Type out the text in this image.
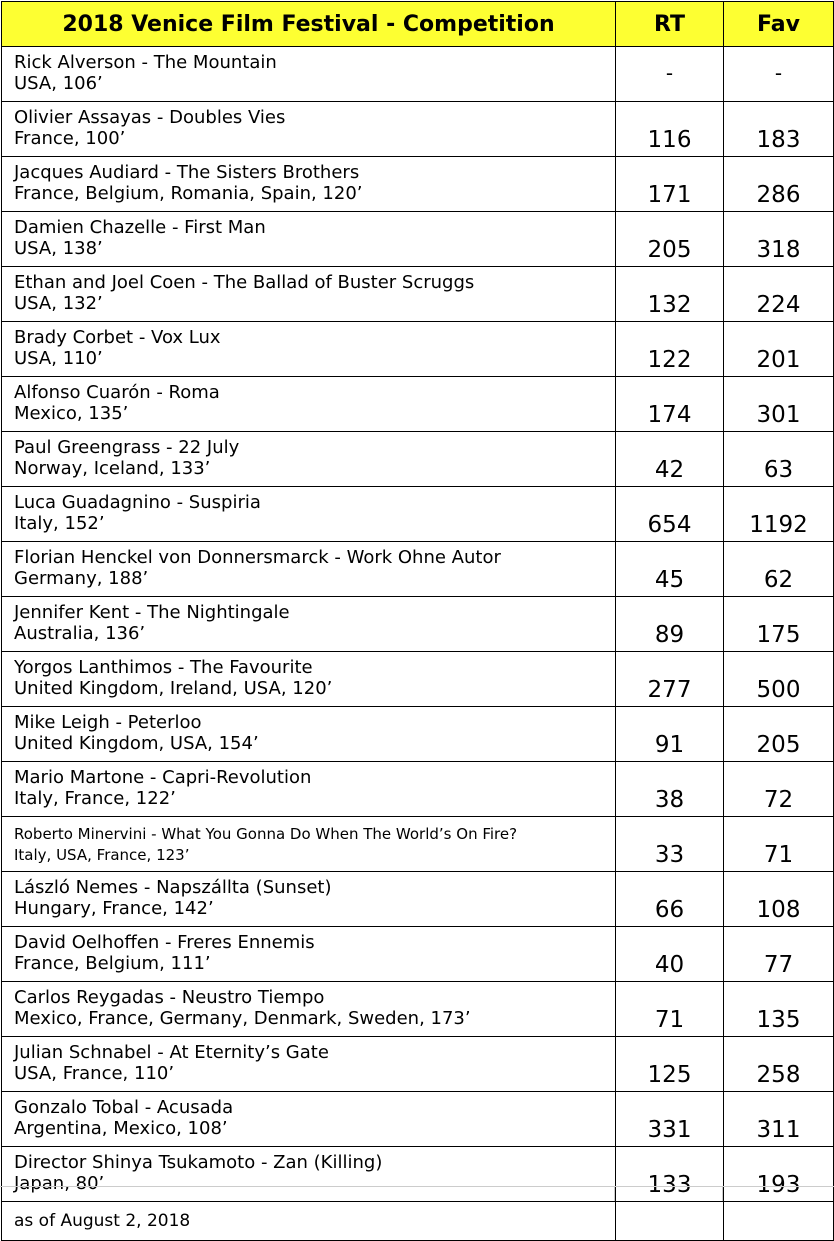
2018 Venice Film Festival - Competition	RT	Fav

Rick Alverson - The Mountain
USA, 106’	-	-

Olivier Assayas - Doubles Vies
France, 100’	116	183

Jacques Audiard - The Sisters Brothers
France, Belgium, Romania, Spain, 120’	171	286

Damien Chazelle - First Man
USA, 138’	205	318

Ethan and Joel Coen - The Ballad of Buster Scruggs
USA, 132’	132	224

Brady Corbet - Vox Lux
USA, 110’	122	201

Alfonso Cuarón - Roma
Mexico, 135’	174	301

Paul Greengrass - 22 July
Norway, Iceland, 133’	42	63

Luca Guadagnino - Suspiria
Italy, 152’	654	1192

Florian Henckel von Donnersmarck - Work Ohne Autor
Germany, 188’	45	62

Jennifer Kent - The Nightingale
Australia, 136’	89	175

Yorgos Lanthimos - The Favourite
United Kingdom, Ireland, USA, 120’	277	500

Mike Leigh - Peterloo
United Kingdom, USA, 154’	91	205

Mario Martone - Capri-Revolution
Italy, France, 122’	38	72

Roberto Minervini - What You Gonna Do When The World’s On Fire?
Italy, USA, France, 123’	33	71

László Nemes - Napszállta (Sunset)
Hungary, France, 142’	66	108

David Oelhoffen - Freres Ennemis
France, Belgium, 111’	40	77

Carlos Reygadas - Neustro Tiempo
Mexico, France, Germany, Denmark, Sweden, 173’	71	135

Julian Schnabel - At Eternity’s Gate
USA, France, 110’	125	258

Gonzalo Tobal - Acusada
Argentina, Mexico, 108’	331	311

Director Shinya Tsukamoto - Zan (Killing)
Japan, 80’	133	193
as of August 2, 2018		
